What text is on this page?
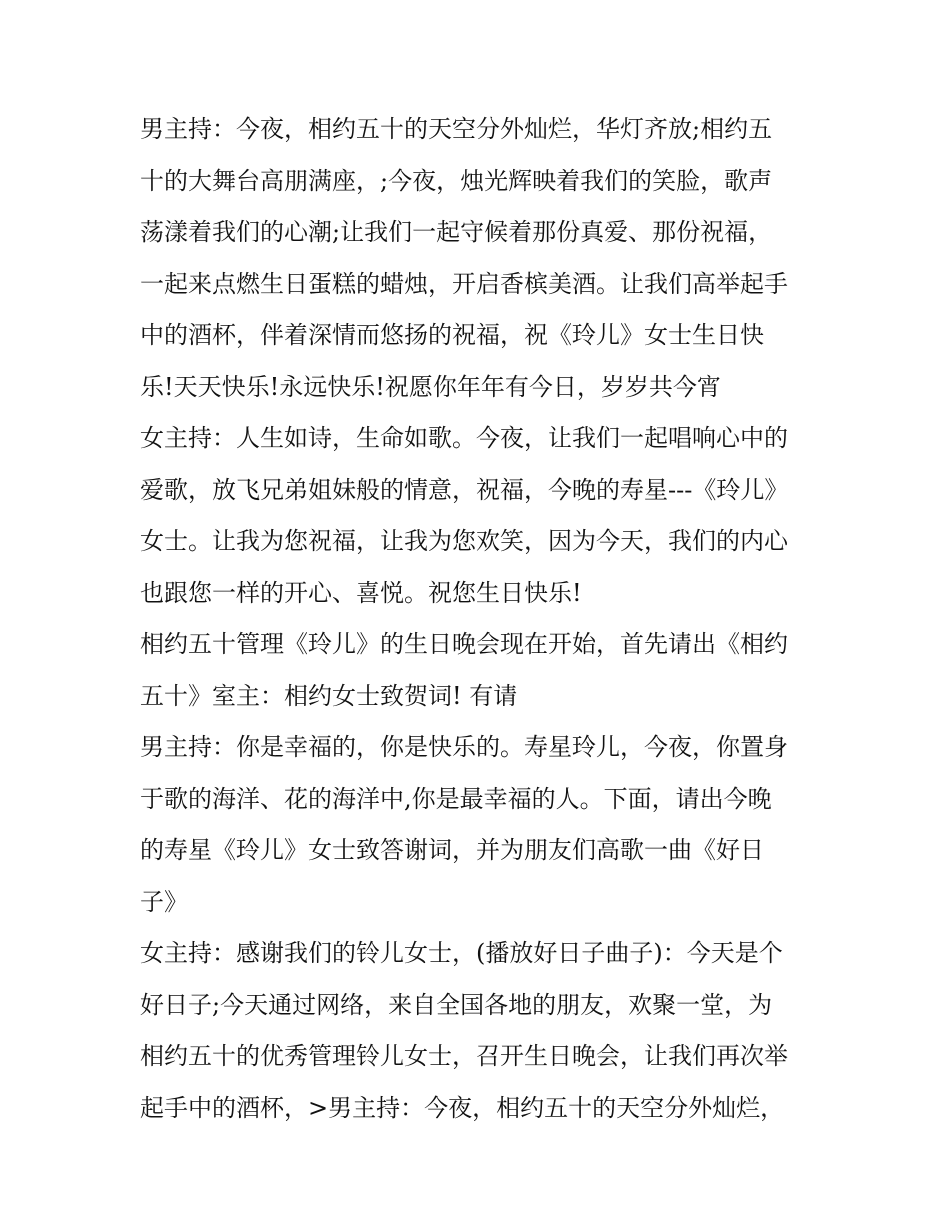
男主持：今夜，相约五十的天空分外灿烂，华灯齐放;相约五
十的大舞台高朋满座，;今夜，烛光辉映着我们的笑脸，歌声
荡漾着我们的心潮;让我们一起守候着那份真爱、那份祝福，
一起来点燃生日蛋糕的蜡烛，开启香槟美酒。让我们高举起手
中的酒杯，伴着深情而悠扬的祝福，祝《玲儿》女士生日快
乐!天天快乐!永远快乐!祝愿你年年有今日，岁岁共今宵
女主持：人生如诗，生命如歌。今夜，让我们一起唱响心中的
爱歌，放飞兄弟姐妹般的情意，祝福，今晚的寿星---《玲儿》
女士。让我为您祝福，让我为您欢笑，因为今天，我们的内心
也跟您一样的开心、喜悦。祝您生日快乐!
相约五十管理《玲儿》的生日晚会现在开始，首先请出《相约
五十》室主：相约女士致贺词! 有请
男主持：你是幸福的，你是快乐的。寿星玲儿，今夜，你置身
于歌的海洋、花的海洋中,你是最幸福的人。下面，请出今晚
的寿星《玲儿》女士致答谢词，并为朋友们高歌一曲《好日
子》
女主持：感谢我们的铃儿女士，(播放好日子曲子)：今天是个
好日子;今天通过网络，来自全国各地的朋友，欢聚一堂，为
相约五十的优秀管理铃儿女士，召开生日晚会，让我们再次举
起手中的酒杯，>男主持：今夜，相约五十的天空分外灿烂，
